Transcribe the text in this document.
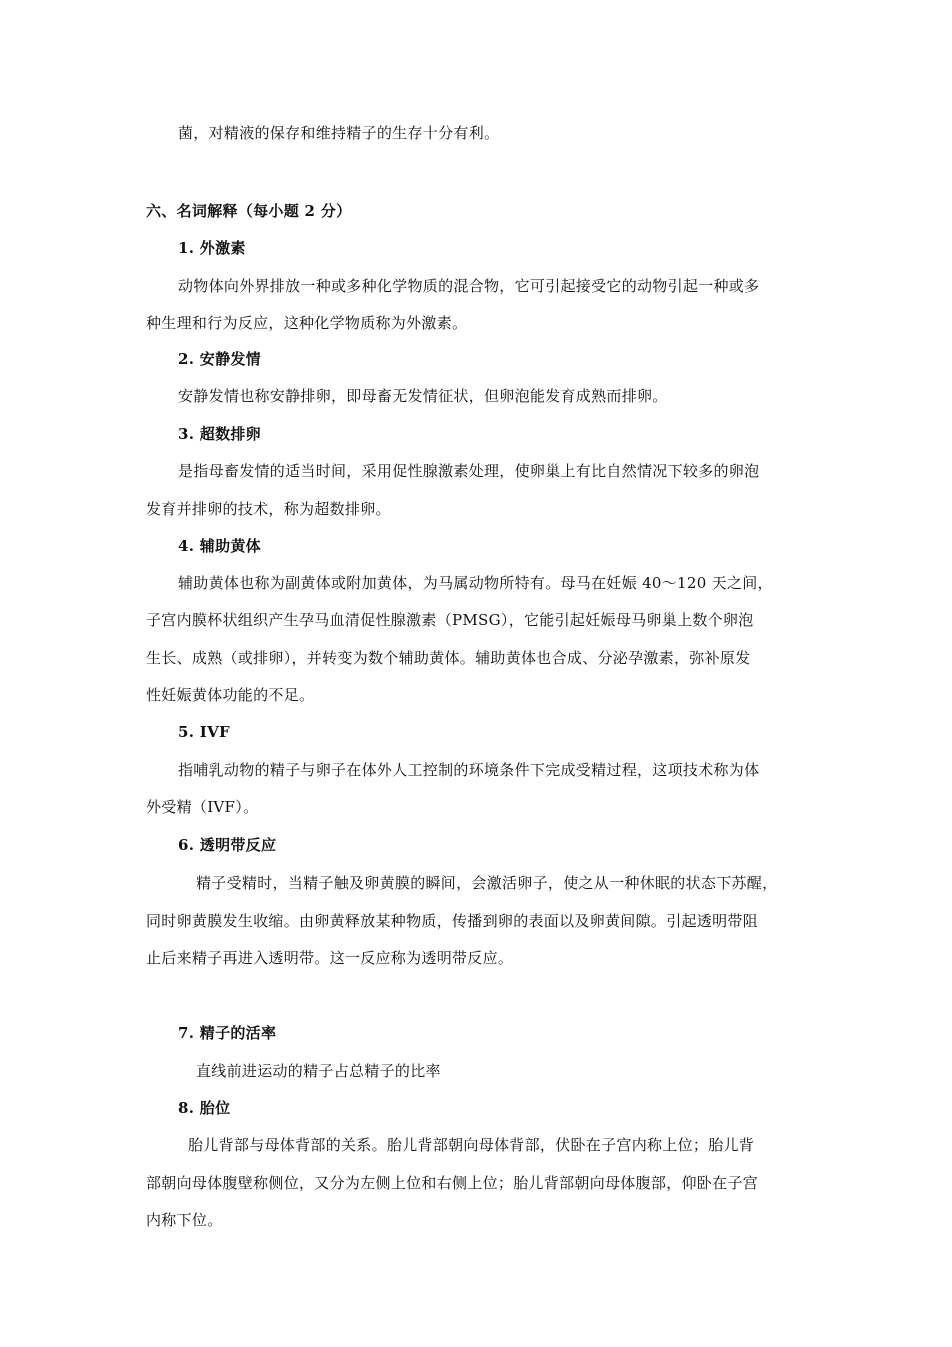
菌，对精液的保存和维持精子的生存十分有利。
六、名词解释（每小题 2 分）
1. 外激素
动物体向外界排放一种或多种化学物质的混合物，它可引起接受它的动物引起一种或多
种生理和行为反应，这种化学物质称为外激素。
2. 安静发情
安静发情也称安静排卵，即母畜无发情征状，但卵泡能发育成熟而排卵。
3. 超数排卵
是指母畜发情的适当时间，采用促性腺激素处理，使卵巢上有比自然情况下较多的卵泡
发育并排卵的技术，称为超数排卵。
4. 辅助黄体
辅助黄体也称为副黄体或附加黄体，为马属动物所特有。母马在妊娠 40～120 天之间，
子宫内膜杯状组织产生孕马血清促性腺激素（PMSG），它能引起妊娠母马卵巢上数个卵泡
生长、成熟（或排卵），并转变为数个辅助黄体。辅助黄体也合成、分泌孕激素，弥补原发
性妊娠黄体功能的不足。
5. IVF
指哺乳动物的精子与卵子在体外人工控制的环境条件下完成受精过程，这项技术称为体
外受精（IVF）。
6. 透明带反应
精子受精时，当精子触及卵黄膜的瞬间，会激活卵子，使之从一种休眠的状态下苏醒，
同时卵黄膜发生收缩。由卵黄释放某种物质，传播到卵的表面以及卵黄间隙。引起透明带阻
止后来精子再进入透明带。这一反应称为透明带反应。
7. 精子的活率
直线前进运动的精子占总精子的比率
8. 胎位
胎儿背部与母体背部的关系。胎儿背部朝向母体背部，伏卧在子宫内称上位；胎儿背
部朝向母体腹壁称侧位，又分为左侧上位和右侧上位；胎儿背部朝向母体腹部，仰卧在子宫
内称下位。
